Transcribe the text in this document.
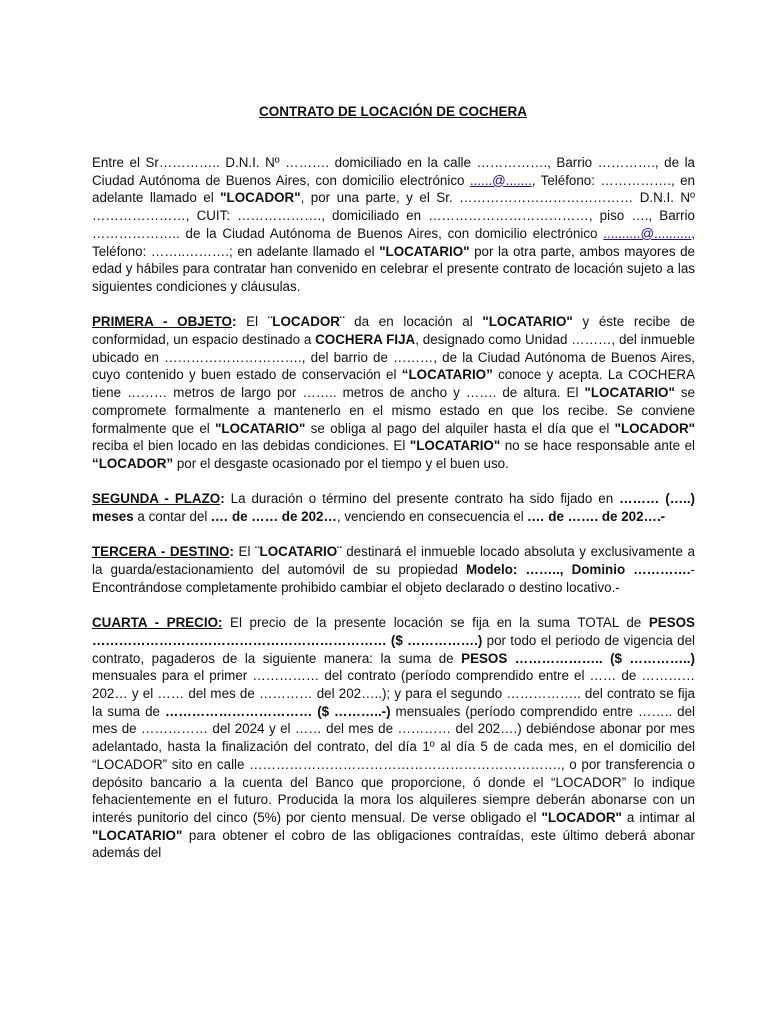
CONTRATO DE LOCACIÓN DE COCHERA

Entre el Sr………….. D.N.I. Nº ………. domiciliado en la calle ……………., Barrio …………., de la Ciudad Autónoma de Buenos Aires, con domicilio electrónico ......@......., Teléfono: ……………., en adelante llamado el "LOCADOR", por una parte, y el Sr. ………………………………… D.N.I. Nº …………………, CUIT: ………………., domiciliado en ………………………………, piso …., Barrio ……………….. de la Ciudad Autónoma de Buenos Aires, con domicilio electrónico ..........@.........., Teléfono: ……..……….; en adelante llamado el "LOCATARIO" por la otra parte, ambos mayores de edad y hábiles para contratar han convenido en celebrar el presente contrato de locación sujeto a las siguientes condiciones y cláusulas.

PRIMERA - OBJETO: El ¨LOCADOR¨ da en locación al "LOCATARIO" y éste recibe de conformidad, un espacio destinado a COCHERA FIJA, designado como Unidad ………, del inmueble ubicado en …………………………., del barrio de ………, de la Ciudad Autónoma de Buenos Aires, cuyo contenido y buen estado de conservación el “LOCATARIO” conoce y acepta. La COCHERA tiene ……… metros de largo por …….. metros de ancho y ……. de altura. El "LOCATARIO" se compromete formalmente a mantenerlo en el mismo estado en que los recibe. Se conviene formalmente que el "LOCATARIO" se obliga al pago del alquiler hasta el día que el "LOCADOR" reciba el bien locado en las debidas condiciones. El "LOCATARIO" no se hace responsable ante el “LOCADOR” por el desgaste ocasionado por el tiempo y el buen uso.

SEGUNDA - PLAZO: La duración o término del presente contrato ha sido fijado en ……… (…..) meses a contar del .… de …… de 202…, venciendo en consecuencia el .… de ……. de 202….-

TERCERA - DESTINO: El ¨LOCATARIO¨ destinará el inmueble locado absoluta y exclusivamente a la guarda/estacionamiento del automóvil de su propiedad Modelo: …….., Dominio ………….- Encontrándose completamente prohibido cambiar el objeto declarado o destino locativo.-

CUARTA - PRECIO: El precio de la presente locación se fija en la suma TOTAL de PESOS ………………………………………………………… ($ …………….) por todo el periodo de vigencia del contrato, pagaderos de la siguiente manera: la suma de PESOS ……………….. ($ …………..) mensuales para el primer …………… del contrato (período comprendido entre el …… de ………… 202… y el …… del mes de ………… del 202…..); y para el segundo …………….. del contrato se fija la suma de …………………………… ($ ………..-) mensuales (período comprendido entre …….. del mes de …………… del 2024 y el …… del mes de ………… del 202….) debiéndose abonar por mes adelantado, hasta la finalización del contrato, del día 1º al día 5 de cada mes, en el domicilio del “LOCADOR” sito en calle ……………………………………………………………., o por transferencia o depósito bancario a la cuenta del Banco que proporcione, ó donde el “LOCADOR” lo indique fehacientemente en el futuro. Producida la mora los alquileres siempre deberán abonarse con un interés punitorio del cinco (5%) por ciento mensual. De verse obligado el "LOCADOR" a intimar al "LOCATARIO" para obtener el cobro de las obligaciones contraídas, este último deberá abonar además del
